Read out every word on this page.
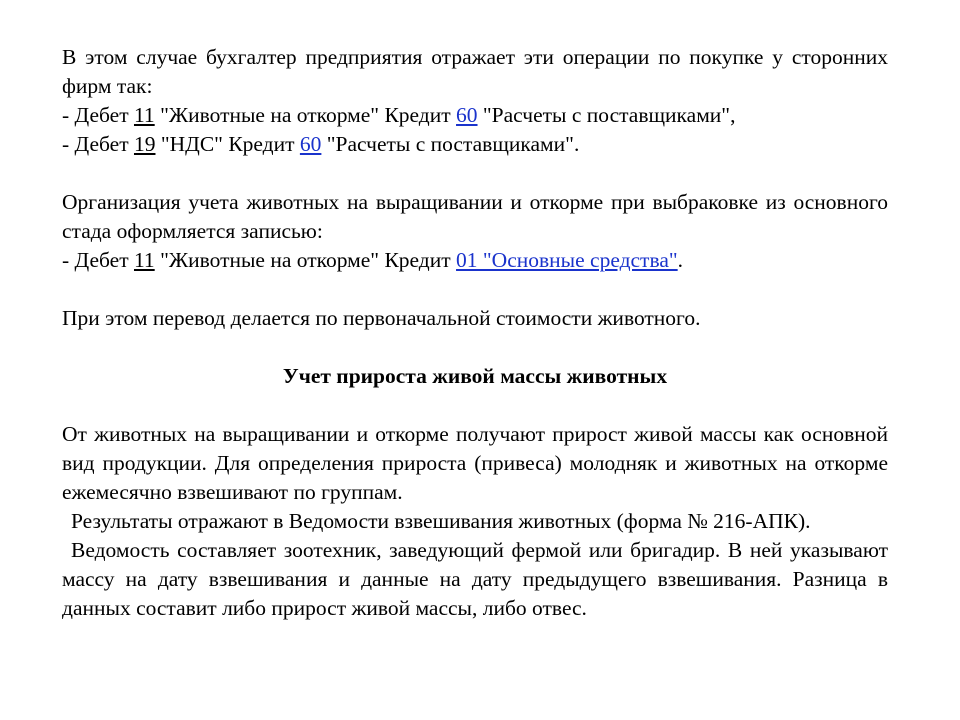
В этом случае бухгалтер предприятия отражает эти операции по покупке у сторонних фирм так:

- Дебет 11 "Животные на откорме" Кредит 60 "Расчеты с поставщиками",

- Дебет 19 "НДС" Кредит 60 "Расчеты с поставщиками".

Организация учета животных на выращивании и откорме при выбраковке из основного стада оформляется записью:

- Дебет 11 "Животные на откорме" Кредит 01 "Основные средства".

При этом перевод делается по первоначальной стоимости животного.

Учет прироста живой массы животных

От животных на выращивании и откорме получают прирост живой массы как основной вид продукции. Для определения прироста (привеса) молодняк и животных на откорме ежемесячно взвешивают по группам.

Результаты отражают в Ведомости взвешивания животных (форма № 216-АПК).

Ведомость составляет зоотехник, заведующий фермой или бригадир. В ней указывают массу на дату взвешивания и данные на дату предыдущего взвешивания. Разница в данных составит либо прирост живой массы, либо отвес.
